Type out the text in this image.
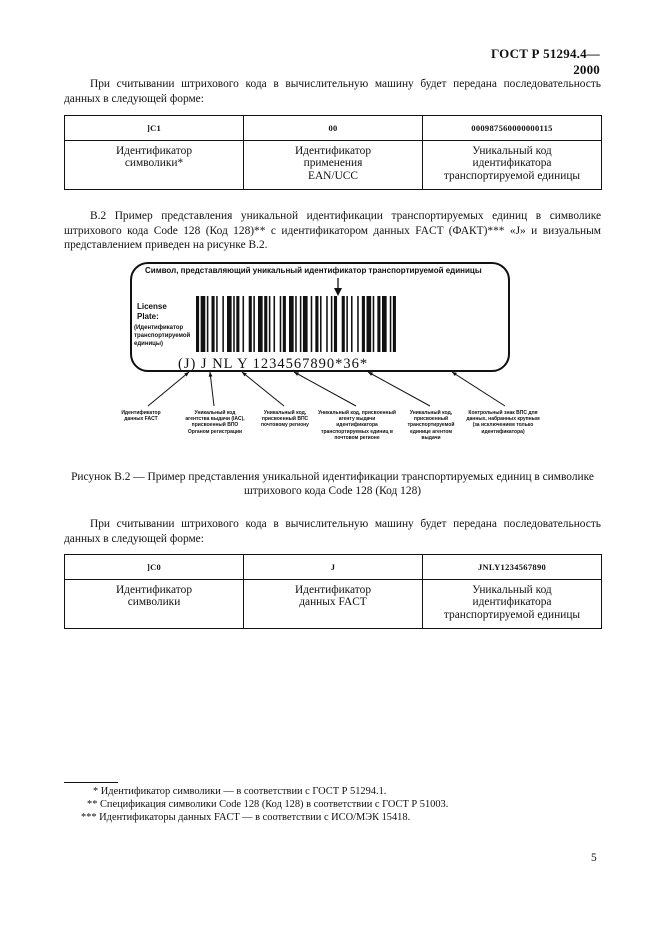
ГОСТ Р 51294.4—2000
При считывании штрихового кода в вычислительную машину будет передана последовательность данных в следующей форме:
]C1	00	000987560000000115

Идентификатор символики*	Идентификатор применения EAN/UCC	Уникальный код идентификатора транспортируемой единицы
B.2 Пример представления уникальной идентификации транспортируемых единиц в символике штрихового кода Code 128 (Код 128)** с идентификатором данных FACT (ФАКТ)*** «J» и визуальным представлением приведен на рисунке B.2.
Символ, представляющий уникальный идентификатор транспортируемой единицы
License
Plate:
(Идентификатор
транспортируемой
единицы)
(J) J NL Y 1234567890*36*
Идентификатор данных FACT
Уникальный код агентства выдачи (IAC), присвоенный ВПО Органом регистрации
Уникальный код, присвоенный ВПС почтовому региону
Уникальный код, присвоенный агенту выдачи идентификатора транспортируемых единиц в почтовом регионе
Уникальный код, присвоенный транспортируемой единице агентом выдачи
Контрольный знак ВПС для данных, набранных крупным (за исключением только идентификатора)
Рисунок B.2 — Пример представления уникальной идентификации транспортируемых единиц в символике штрихового кода Code 128 (Код 128)
При считывании штрихового кода в вычислительную машину будет передана последовательность данных в следующей форме:
]C0	J	JNLY1234567890

Идентификатор символики	Идентификатор данных FACT	Уникальный код идентификатора транспортируемой единицы
* Идентификатор символики — в соответствии с ГОСТ Р 51294.1.
** Спецификация символики Code 128 (Код 128) в соответствии с ГОСТ Р 51003.
*** Идентификаторы данных FACT — в соответствии с ИСО/МЭК 15418.
5
